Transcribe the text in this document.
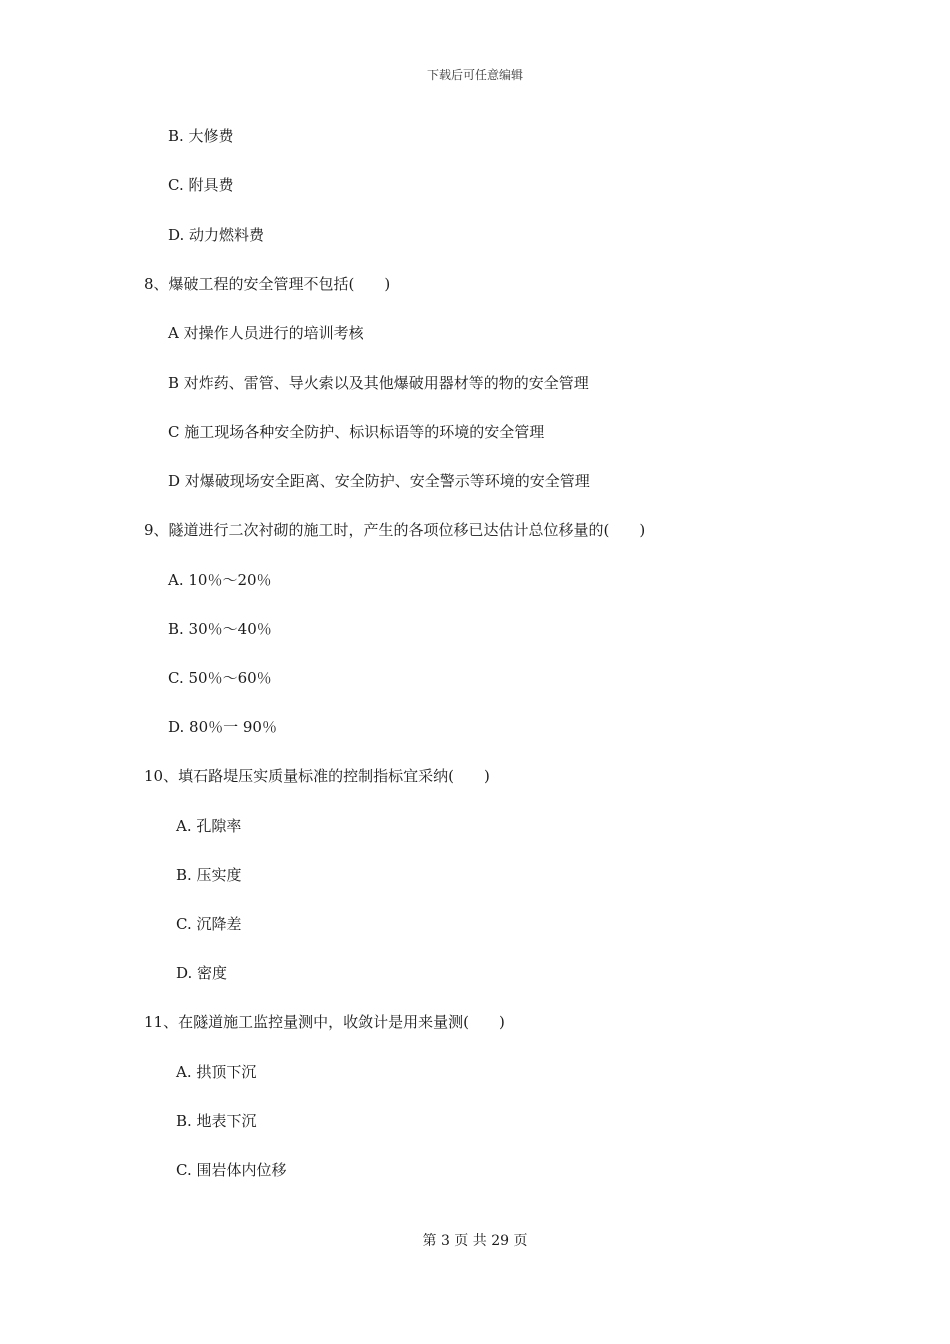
下载后可任意编辑
B. 大修费
C. 附具费
D. 动力燃料费
8、爆破工程的安全管理不包括(　　)
A 对操作人员进行的培训考核
B 对炸药、雷管、导火索以及其他爆破用器材等的物的安全管理
C 施工现场各种安全防护、标识标语等的环境的安全管理
D 对爆破现场安全距离、安全防护、安全警示等环境的安全管理
9、隧道进行二次衬砌的施工时，产生的各项位移已达估计总位移量的(　　)
A. 10％～20％
B. 30％～40％
C. 50％～60％
D. 80％一 90％
10、填石路堤压实质量标准的控制指标宜采纳(　　)
A. 孔隙率
B. 压实度
C. 沉降差
D. 密度
11、在隧道施工监控量测中，收敛计是用来量测(　　)
A. 拱顶下沉
B. 地表下沉
C. 围岩体内位移
第 3 页 共 29 页
